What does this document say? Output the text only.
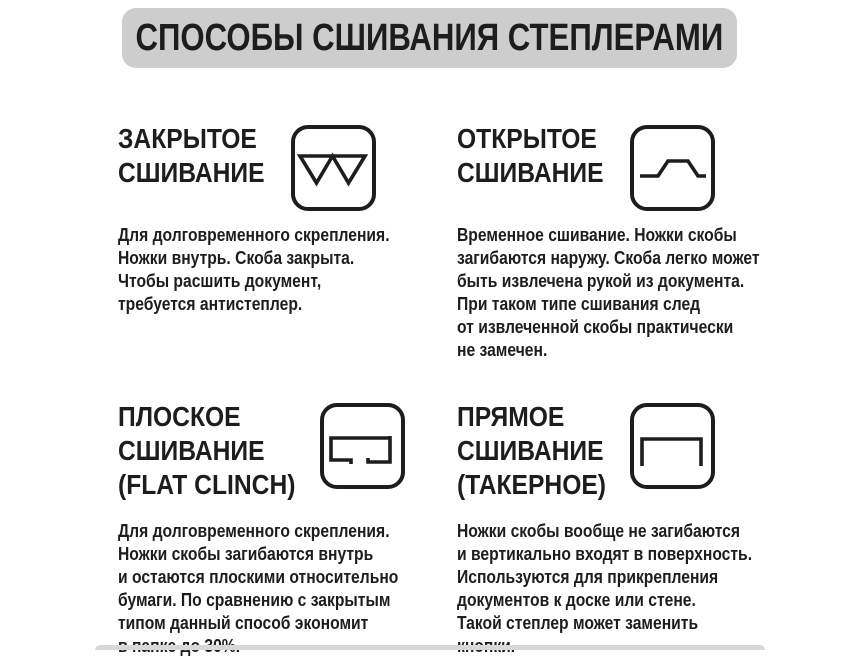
СПОСОБЫ СШИВАНИЯ СТЕПЛЕРАМИ
ЗАКРЫТОЕ
СШИВАНИЕ
Для долговременного скрепления.
Ножки внутрь. Скоба закрыта.
Чтобы расшить документ,
требуется антистеплер.
ОТКРЫТОЕ
СШИВАНИЕ
Временное сшивание. Ножки скобы
загибаются наружу. Скоба легко может
быть извлечена рукой из документа.
При таком типе сшивания след
от извлеченной скобы практически
не замечен.
ПЛОСКОЕ
СШИВАНИЕ
(FLAT CLINCH)
Для долговременного скрепления.
Ножки скобы загибаются внутрь
и остаются плоскими относительно
бумаги. По сравнению с закрытым
типом данный способ экономит
ПРЯМОЕ
СШИВАНИЕ
(ТАКЕРНОЕ)
Ножки скобы вообще не загибаются
и вертикально входят в поверхность.
Используются для прикрепления
документов к доске или стене.
Такой степлер может заменить
